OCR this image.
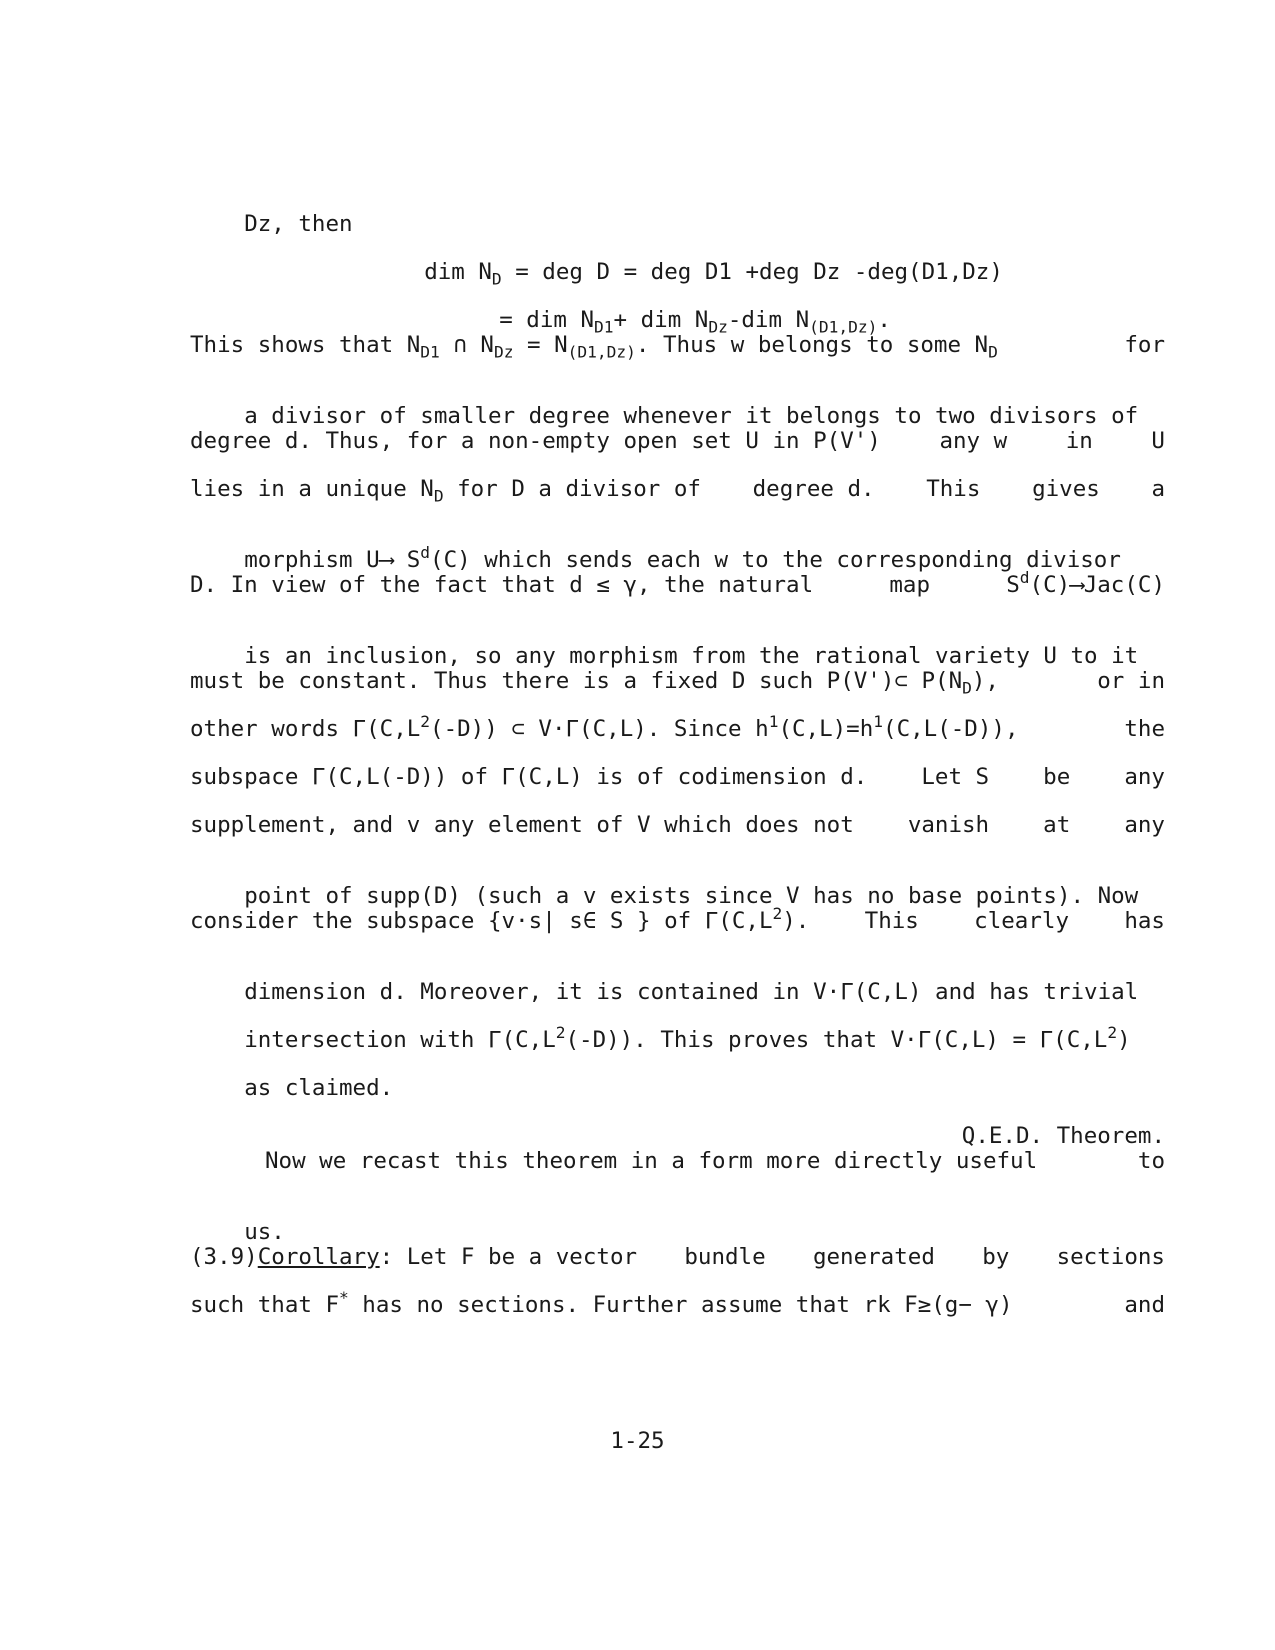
Dz, then

dim $N_D$ = deg D = deg D1 +deg Dz -deg(D1,Dz)

= dim $N_{D1}+$ dim $N_{Dz}$-dim $N_{(D1,Dz)}$.

This shows that $N_{D1}$ ∩ $N_{Dz} = N_{(D1,Dz)}$. Thus w belongs to some $N_D$	for

a divisor of smaller degree whenever it belongs to two divisors of

degree d. Thus, for a non-empty open set U in P(V')	any w	in	U
lies in a unique $N_D$ for D a divisor of degree d. This gives a

morphism U⟶ $S^d(C)$ which sends each w to the corresponding divisor

D. In view of the fact that d ≤ γ, the natural	map	$S^d(C)⟶Jac(C)$

is an inclusion, so any morphism from the rational variety U to it

must be constant. Thus there is a fixed D such P(V')⊂ $P(N_D)$,	or in
other words $\Gamma(C,L^2(-D))$ ⊂ V·Γ(C,L). Since $h^1(C,L)=h^1(C,L(-D))$,	the
subspace Γ(C,L(-D)) of Γ(C,L) is of codimension d. Let S be any
supplement, and v any element of V which does not vanish at any

point of supp(D) (such a v exists since V has no base points). Now

consider the subspace {v·s| s∈ S } of $\Gamma(C,L^2)$. This clearly has

dimension d. Moreover, it is contained in V·Γ(C,L) and has trivial

intersection with $\Gamma(C,L^2(-D))$. This proves that $V\cdot\Gamma(C,L) = \Gamma(C,L^2)$

as claimed.

Q.E.D. Theorem.

Now we recast this theorem in a form more directly useful	to

us.

(3.9)Corollary: Let F be a vector bundle generated by sections
such that F* has no sections. Further assume that rk F≥(g− γ)	and
1-25
